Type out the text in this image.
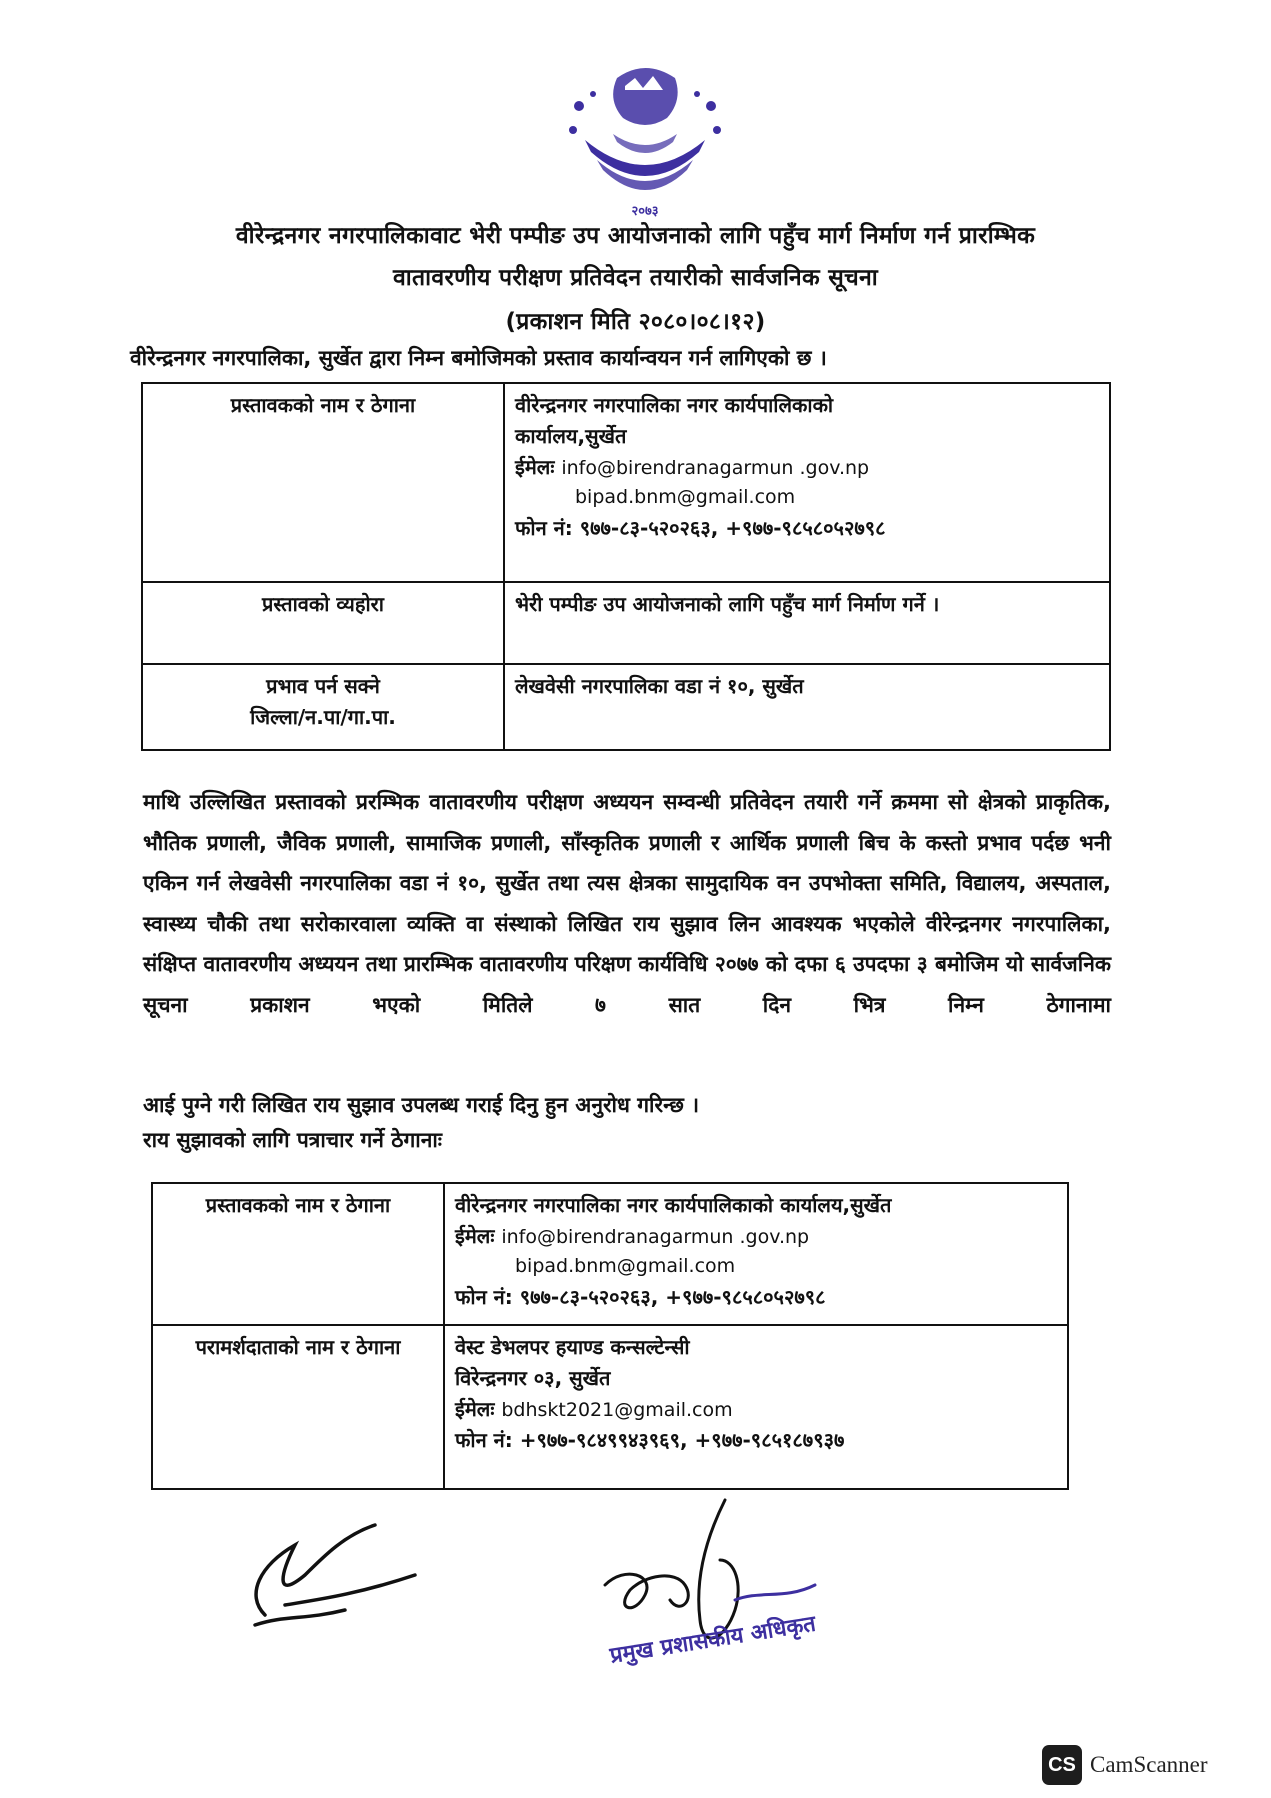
२०७३
वीरेन्द्रनगर नगरपालिकावाट भेरी पम्पीङ उप आयोजनाको लागि पहुँच मार्ग निर्माण गर्न प्रारम्भिक
वातावरणीय परीक्षण प्रतिवेदन तयारीको सार्वजनिक सूचना
(प्रकाशन मिति २०८०।०८।१२)
वीरेन्द्रनगर नगरपालिका, सुर्खेत द्वारा निम्न बमोजिमको प्रस्ताव कार्यान्वयन गर्न लागिएको छ ।
प्रस्तावकको नाम र ठेगाना	वीरेन्द्रनगर नगरपालिका नगर कार्यपालिकाको
कार्यालय,सुर्खेत
ईमेलः info@birendranagarmun .gov.np
bipad.bnm@gmail.com
फोन नं: ९७७-८३-५२०२६३, +९७७-९८५८०५२७९८

प्रस्तावको व्यहोरा	भेरी पम्पीङ उप आयोजनाको लागि पहुँच मार्ग निर्माण गर्ने ।

प्रभाव पर्न सक्ने
जिल्ला/न.पा/गा.पा.	लेखवेसी नगरपालिका वडा नं १०, सुर्खेत
माथि उल्लिखित प्रस्तावको प्ररम्भिक वातावरणीय परीक्षण अध्ययन सम्वन्धी प्रतिवेदन तयारी गर्ने क्रममा सो क्षेत्रको प्राकृतिक, भौतिक प्रणाली, जैविक प्रणाली, सामाजिक प्रणाली, साँस्कृतिक प्रणाली र आर्थिक प्रणाली बिच के कस्तो प्रभाव पर्दछ भनी एकिन गर्न लेखवेसी नगरपालिका वडा नं १०, सुर्खेत तथा त्यस क्षेत्रका सामुदायिक वन उपभोक्ता समिति, विद्यालय, अस्पताल, स्वास्थ्य चौकी तथा सरोकारवाला व्यक्ति वा संस्थाको लिखित राय सुझाव लिन आवश्यक भएकोले वीरेन्द्रनगर नगरपालिका, संक्षिप्त वातावरणीय अध्ययन तथा प्रारम्भिक वातावरणीय परिक्षण कार्यविधि २०७७ को दफा ६ उपदफा ३ बमोजिम यो सार्वजनिक सूचना प्रकाशन भएको मितिले ७ सात दिन भित्र निम्न ठेगानामा
आई पुग्ने गरी लिखित राय सुझाव उपलब्ध गराई दिनु हुन अनुरोध गरिन्छ ।
राय सुझावको लागि पत्राचार गर्ने ठेगानाः
प्रस्तावकको नाम र ठेगाना	वीरेन्द्रनगर नगरपालिका नगर कार्यपालिकाको कार्यालय,सुर्खेत
ईमेलः info@birendranagarmun .gov.np
bipad.bnm@gmail.com
फोन नं: ९७७-८३-५२०२६३, +९७७-९८५८०५२७९८

परामर्शदाताको नाम र ठेगाना	वेस्ट डेभलपर हयाण्ड कन्सल्टेन्सी
विरेन्द्रनगर ०३, सुर्खेत
ईमेलः bdhskt2021@gmail.com
फोन नं: +९७७-९८४९९४३९६९, +९७७-९८५१८७९३७
प्रमुख प्रशासकीय अधिकृत
CS CamScanner
